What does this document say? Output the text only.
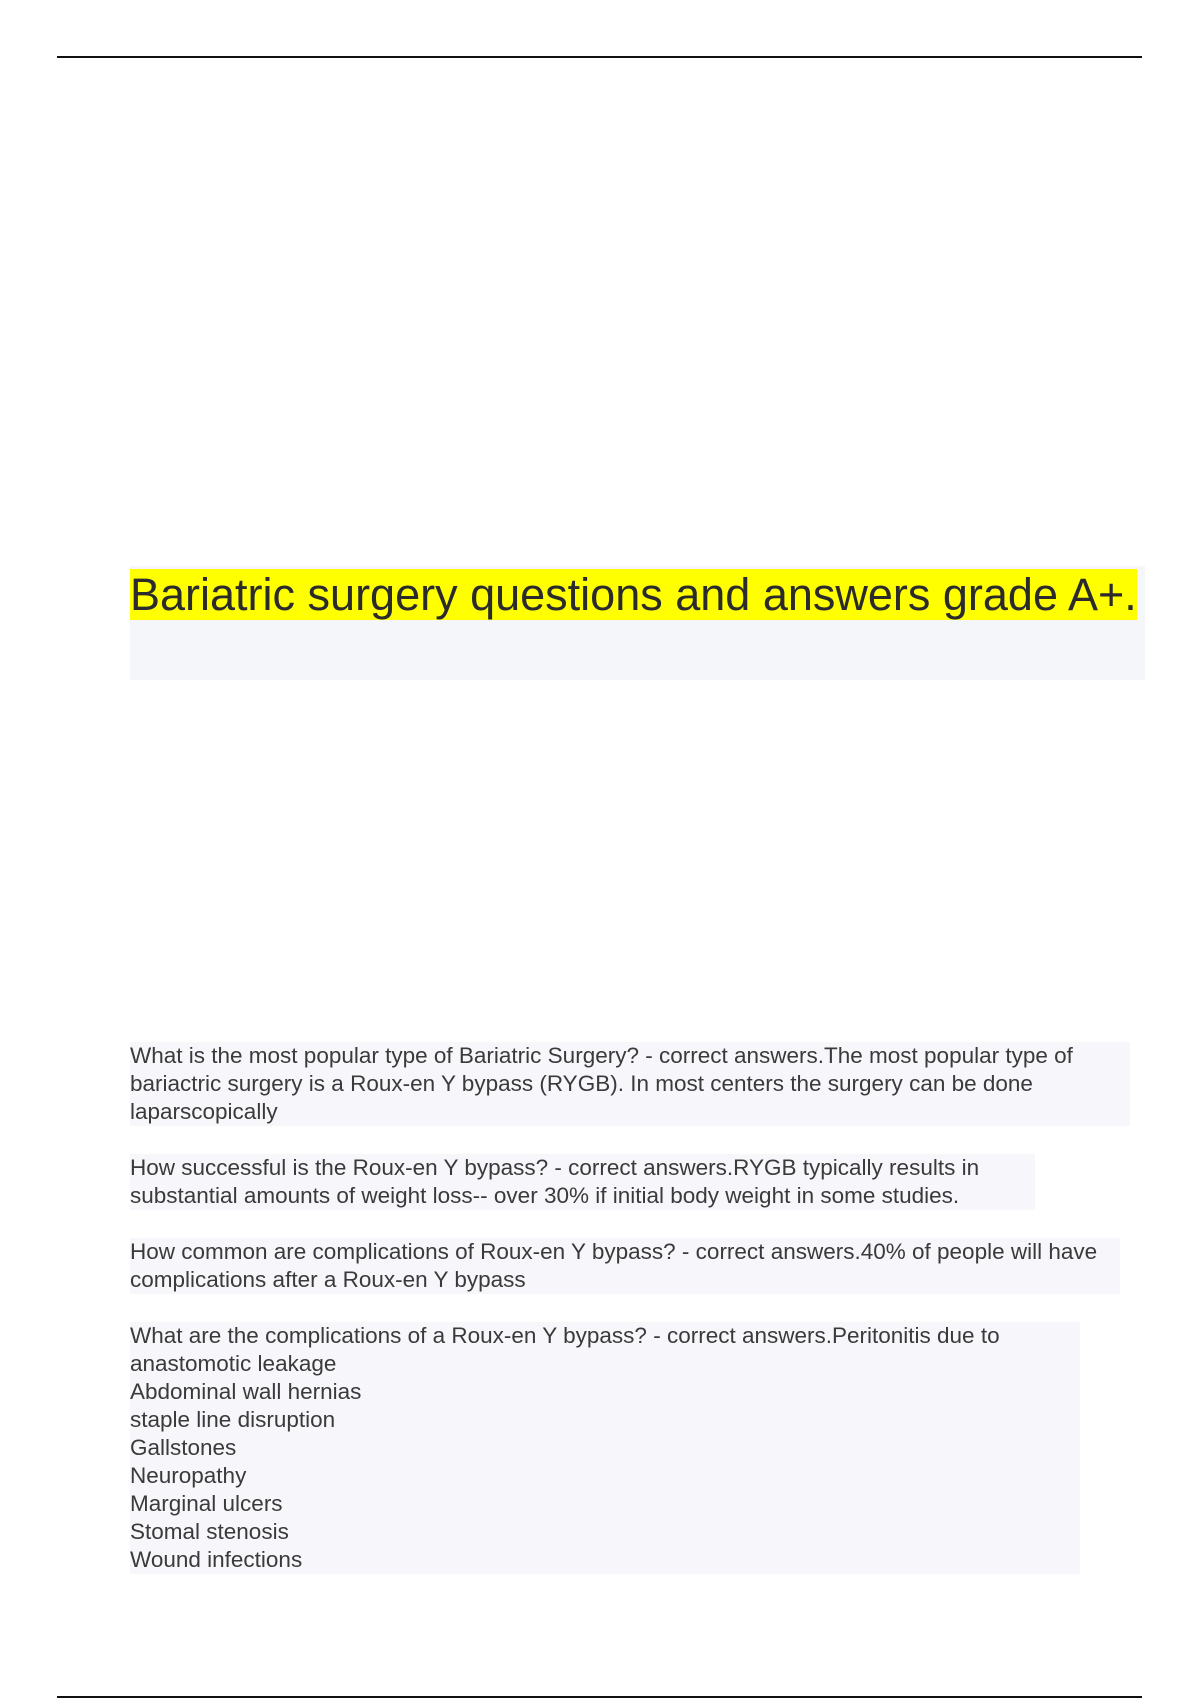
Bariatric surgery questions and answers grade A+.
What is the most popular type of Bariatric Surgery? - correct answers.The most popular type of bariactric surgery is a Roux-en Y bypass (RYGB). In most centers the surgery can be done laparscopically
How successful is the Roux-en Y bypass? - correct answers.RYGB typically results in substantial amounts of weight loss-- over 30% if initial body weight in some studies.
How common are complications of Roux-en Y bypass? - correct answers.40% of people will have complications after a Roux-en Y bypass
What are the complications of a Roux-en Y bypass? - correct answers.Peritonitis due to anastomotic leakage
Abdominal wall hernias
staple line disruption
Gallstones
Neuropathy
Marginal ulcers
Stomal stenosis
Wound infections
